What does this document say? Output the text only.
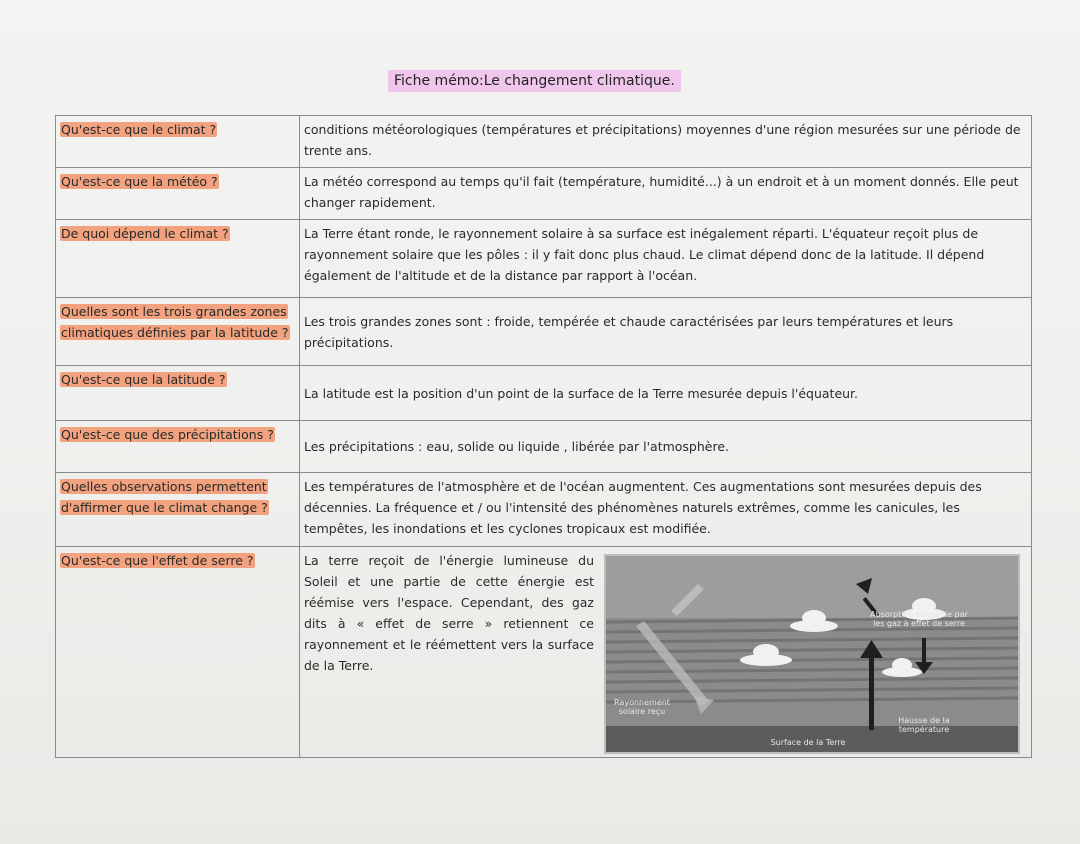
Fiche mémo:Le changement climatique.
Qu'est-ce que le climat ?	conditions météorologiques (températures et précipitations) moyennes d'une région mesurées sur une période de trente ans.
Qu'est-ce que la météo ?	La météo correspond au temps qu'il fait (température, humidité...) à un endroit et à un moment donnés. Elle peut changer rapidement.
De quoi dépend le climat ?	La Terre étant ronde, le rayonnement solaire à sa surface est inégalement réparti. L'équateur reçoit plus de rayonnement solaire que les pôles : il y fait donc plus chaud. Le climat dépend donc de la latitude. Il dépend également de l'altitude et de la distance par rapport à l'océan.
Quelles sont les trois grandes zones climatiques définies par la latitude ?	Les trois grandes zones sont : froide, tempérée et chaude caractérisées par leurs températures et leurs précipitations.
Qu'est-ce que la latitude ?	La latitude est la position d'un point de la surface de la Terre mesurée depuis l'équateur.
Qu'est-ce que des précipitations ?	Les précipitations : eau, solide ou liquide , libérée par l'atmosphère.
Quelles observations permettent d'affirmer que le climat change ?	Les températures de l'atmosphère et de l'océan augmentent. Ces augmentations sont mesurées depuis des décennies. La fréquence et / ou l'intensité des phénomènes naturels extrêmes, comme les canicules, les tempêtes, les inondations et les cyclones tropicaux est modifiée.
Qu'est-ce que l'effet de serre ?	La terre reçoit de l'énergie lumineuse du Soleil et une partie de cette énergie est réémise vers l'espace. Cependant, des gaz dits à « effet de serre » retiennent ce rayonnement et le réémettent vers la surface de la Terre.
Rayonnement solaire reçu
Absorption en partie par les gaz à effet de serre
Surface de la Terre
Hausse de la température
